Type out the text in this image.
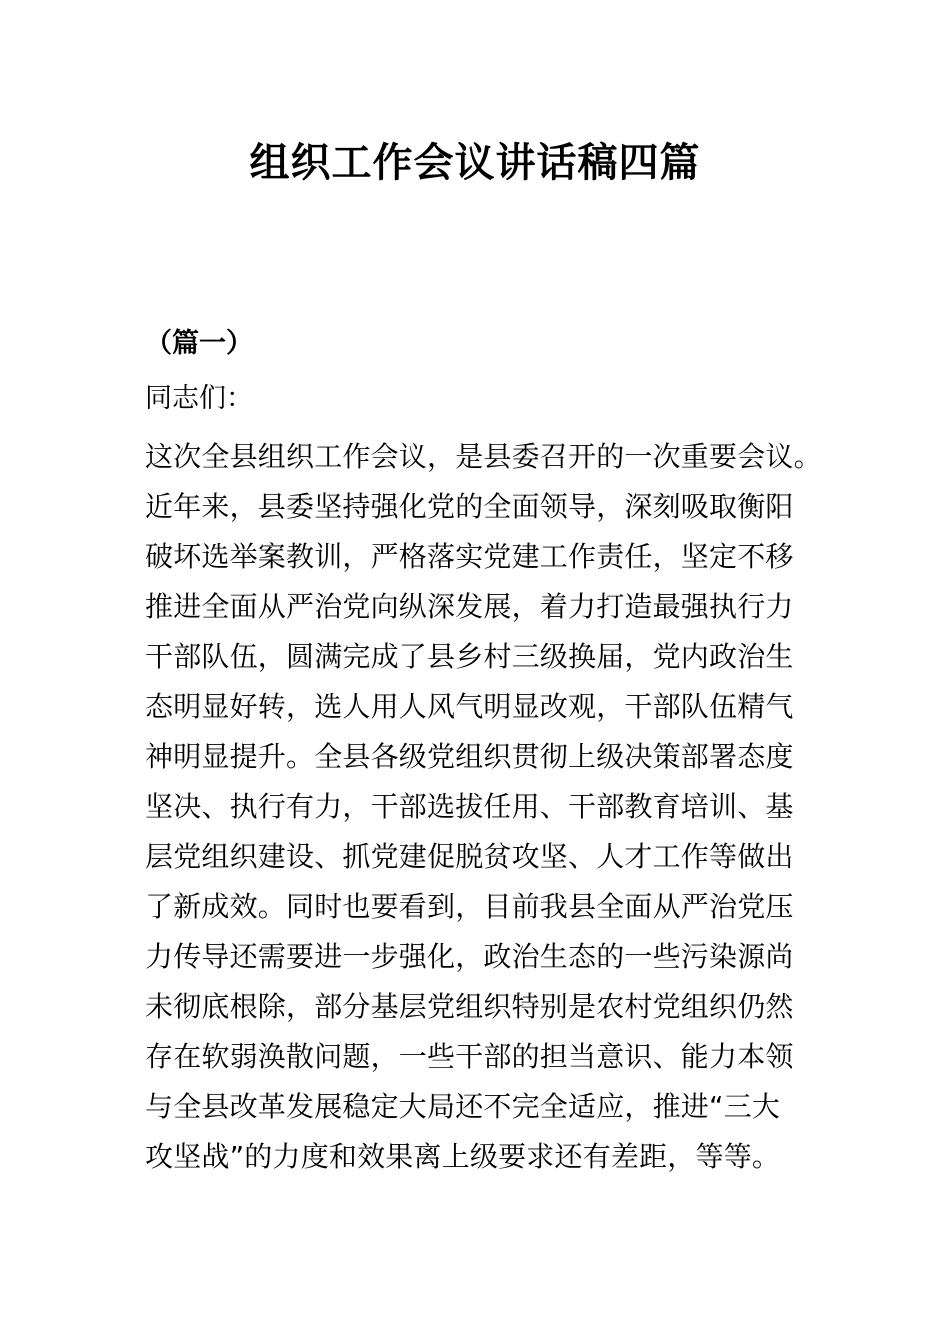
组织工作会议讲话稿四篇
（篇一）
同志们：
这次全县组织工作会议，是县委召开的一次重要会议。
近年来，县委坚持强化党的全面领导，深刻吸取衡阳
破坏选举案教训，严格落实党建工作责任，坚定不移
推进全面从严治党向纵深发展，着力打造最强执行力
干部队伍，圆满完成了县乡村三级换届，党内政治生
态明显好转，选人用人风气明显改观，干部队伍精气
神明显提升。全县各级党组织贯彻上级决策部署态度
坚决、执行有力，干部选拔任用、干部教育培训、基
层党组织建设、抓党建促脱贫攻坚、人才工作等做出
了新成效。同时也要看到，目前我县全面从严治党压
力传导还需要进一步强化，政治生态的一些污染源尚
未彻底根除，部分基层党组织特别是农村党组织仍然
存在软弱涣散问题，一些干部的担当意识、能力本领
与全县改革发展稳定大局还不完全适应，推进“三大
攻坚战”的力度和效果离上级要求还有差距，等等。
